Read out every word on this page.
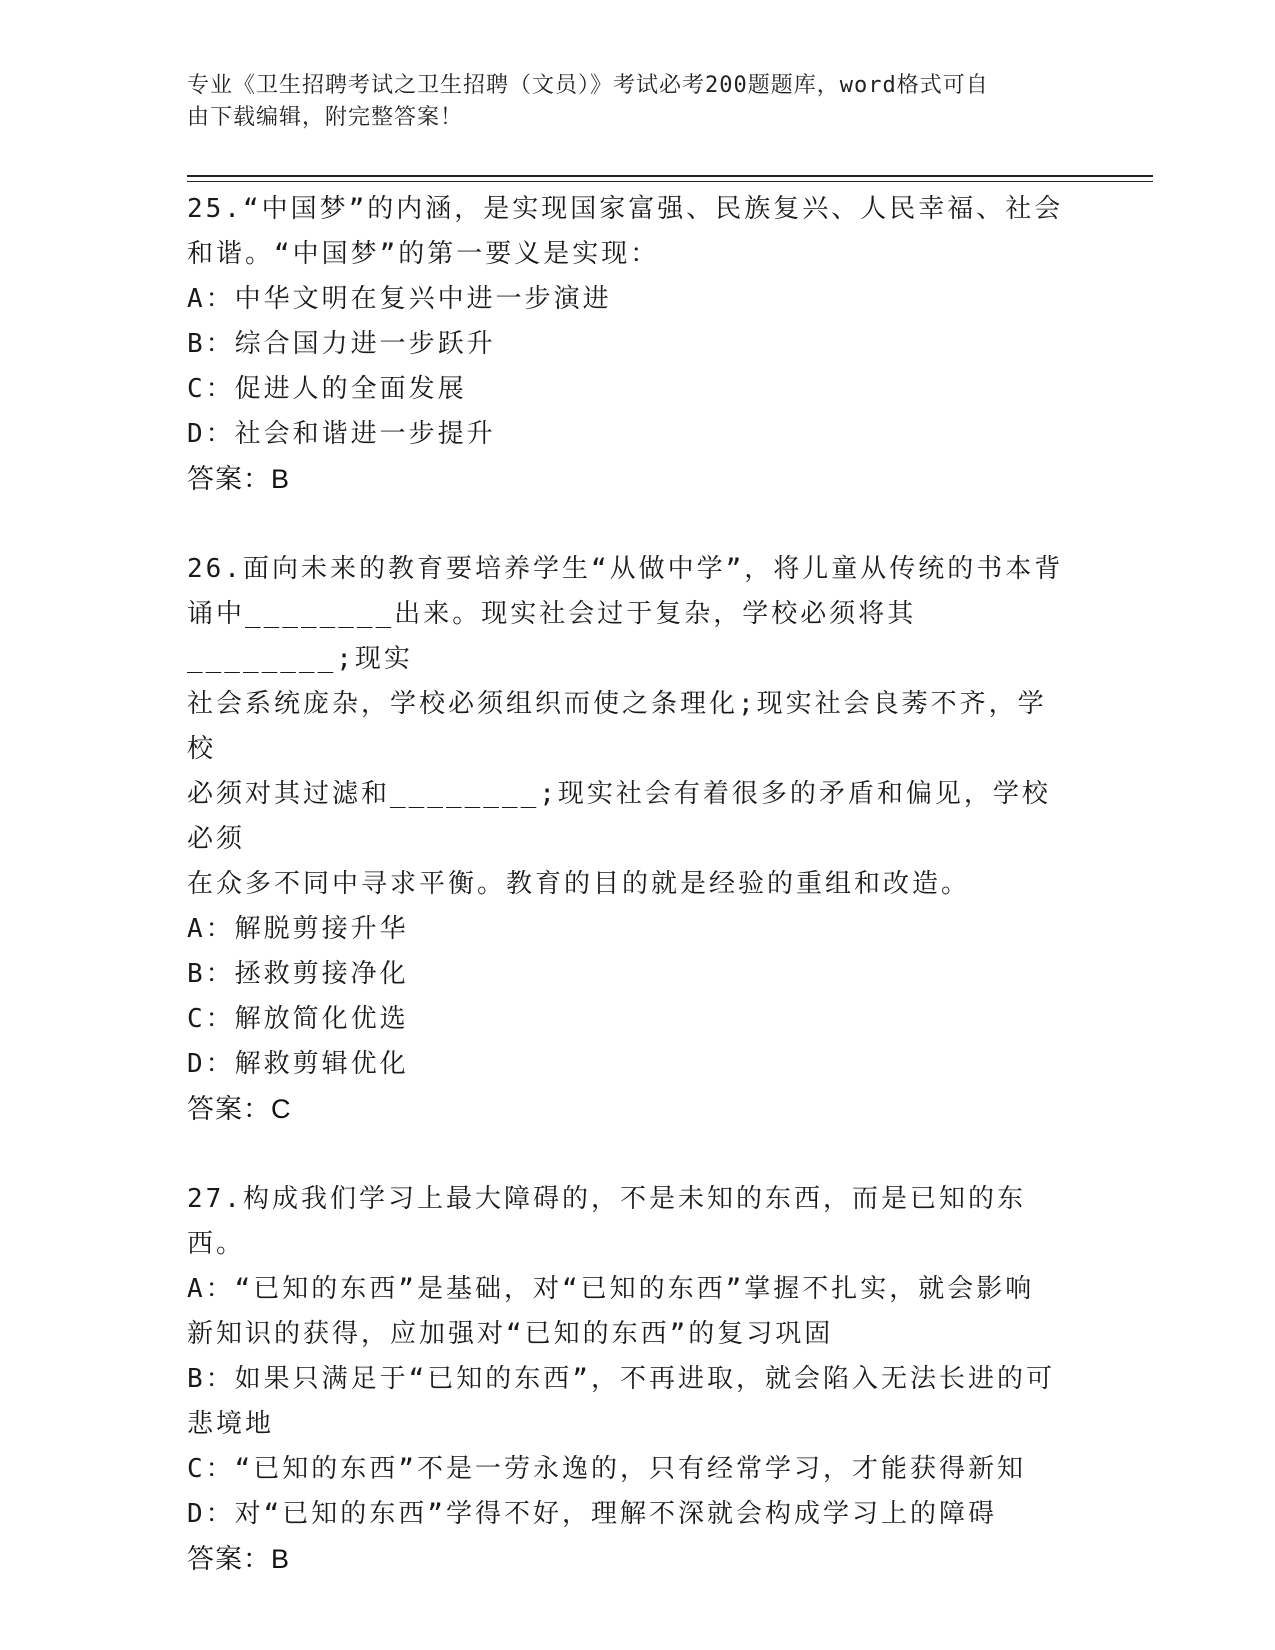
专业《卫生招聘考试之卫生招聘（文员）》考试必考200题题库，word格式可自
由下载编辑，附完整答案！
25.“中国梦”的内涵，是实现国家富强、民族复兴、人民幸福、社会
和谐。“中国梦”的第一要义是实现：
A：中华文明在复兴中进一步演进
B：综合国力进一步跃升
C：促进人的全面发展
D：社会和谐进一步提升
答案：B
26.面向未来的教育要培养学生“从做中学”，将儿童从传统的书本背
诵中________出来。现实社会过于复杂，学校必须将其________;现实
社会系统庞杂，学校必须组织而使之条理化;现实社会良莠不齐，学校
必须对其过滤和________;现实社会有着很多的矛盾和偏见，学校必须
在众多不同中寻求平衡。教育的目的就是经验的重组和改造。
A：解脱剪接升华
B：拯救剪接净化
C：解放简化优选
D：解救剪辑优化
答案：C
27.构成我们学习上最大障碍的，不是未知的东西，而是已知的东西。
A：“已知的东西”是基础，对“已知的东西”掌握不扎实，就会影响
新知识的获得，应加强对“已知的东西”的复习巩固
B：如果只满足于“已知的东西”，不再进取，就会陷入无法长进的可
悲境地
C：“已知的东西”不是一劳永逸的，只有经常学习，才能获得新知
D：对“已知的东西”学得不好，理解不深就会构成学习上的障碍
答案：B
